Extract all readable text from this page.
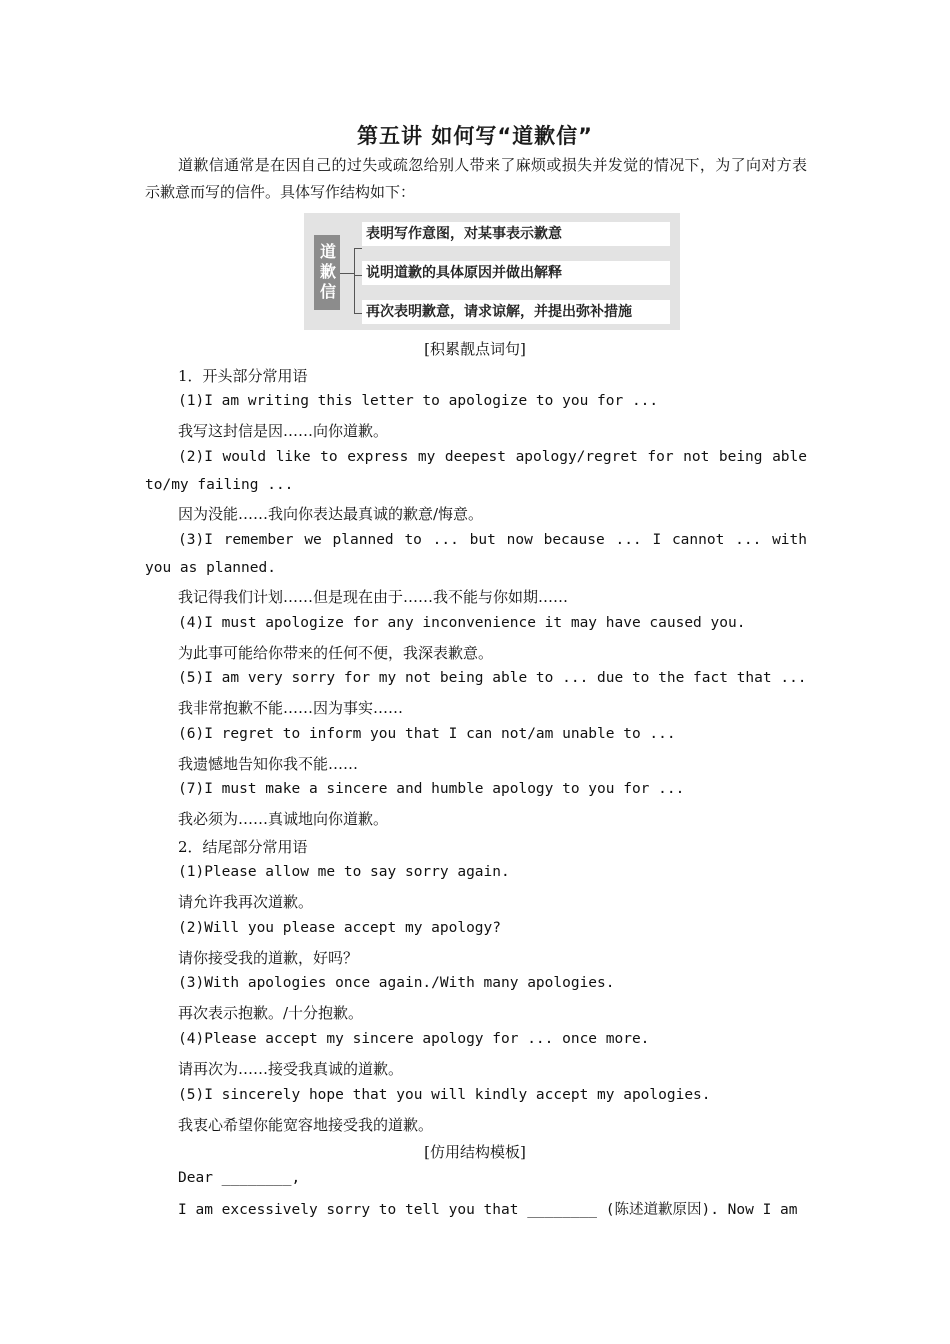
第五讲 如何写“道歉信”
道歉信通常是在因自己的过失或疏忽给别人带来了麻烦或损失并发觉的情况下，为了向对方表示歉意而写的信件。具体写作结构如下：
道歉信
表明写作意图，对某事表示歉意
说明道歉的具体原因并做出解释
再次表明歉意，请求谅解，并提出弥补措施
[积累靓点词句]
1．开头部分常用语
(1)I am writing this letter to apologize to you for ...
我写这封信是因……向你道歉。
(2)I would like to express my deepest apology/regret for not being able to/my failing ...
因为没能……我向你表达最真诚的歉意/悔意。
(3)I remember we planned to ... but now because ... I cannot ... with you as planned.
我记得我们计划……但是现在由于……我不能与你如期……
(4)I must apologize for any inconvenience it may have caused you.
为此事可能给你带来的任何不便，我深表歉意。
(5)I am very sorry for my not being able to ... due to the fact that ...
我非常抱歉不能……因为事实……
(6)I regret to inform you that I can not/am unable to ...
我遗憾地告知你我不能……
(7)I must make a sincere and humble apology to you for ...
我必须为……真诚地向你道歉。
2．结尾部分常用语
(1)Please allow me to say sorry again.
请允许我再次道歉。
(2)Will you please accept my apology?
请你接受我的道歉，好吗？
(3)With apologies once again./With many apologies.
再次表示抱歉。/十分抱歉。
(4)Please accept my sincere apology for ... once more.
请再次为……接受我真诚的道歉。
(5)I sincerely hope that you will kindly accept my apologies.
我衷心希望你能宽容地接受我的道歉。
[仿用结构模板]
Dear ________,
I am excessively sorry to tell you that ________ (陈述道歉原因). Now I am
